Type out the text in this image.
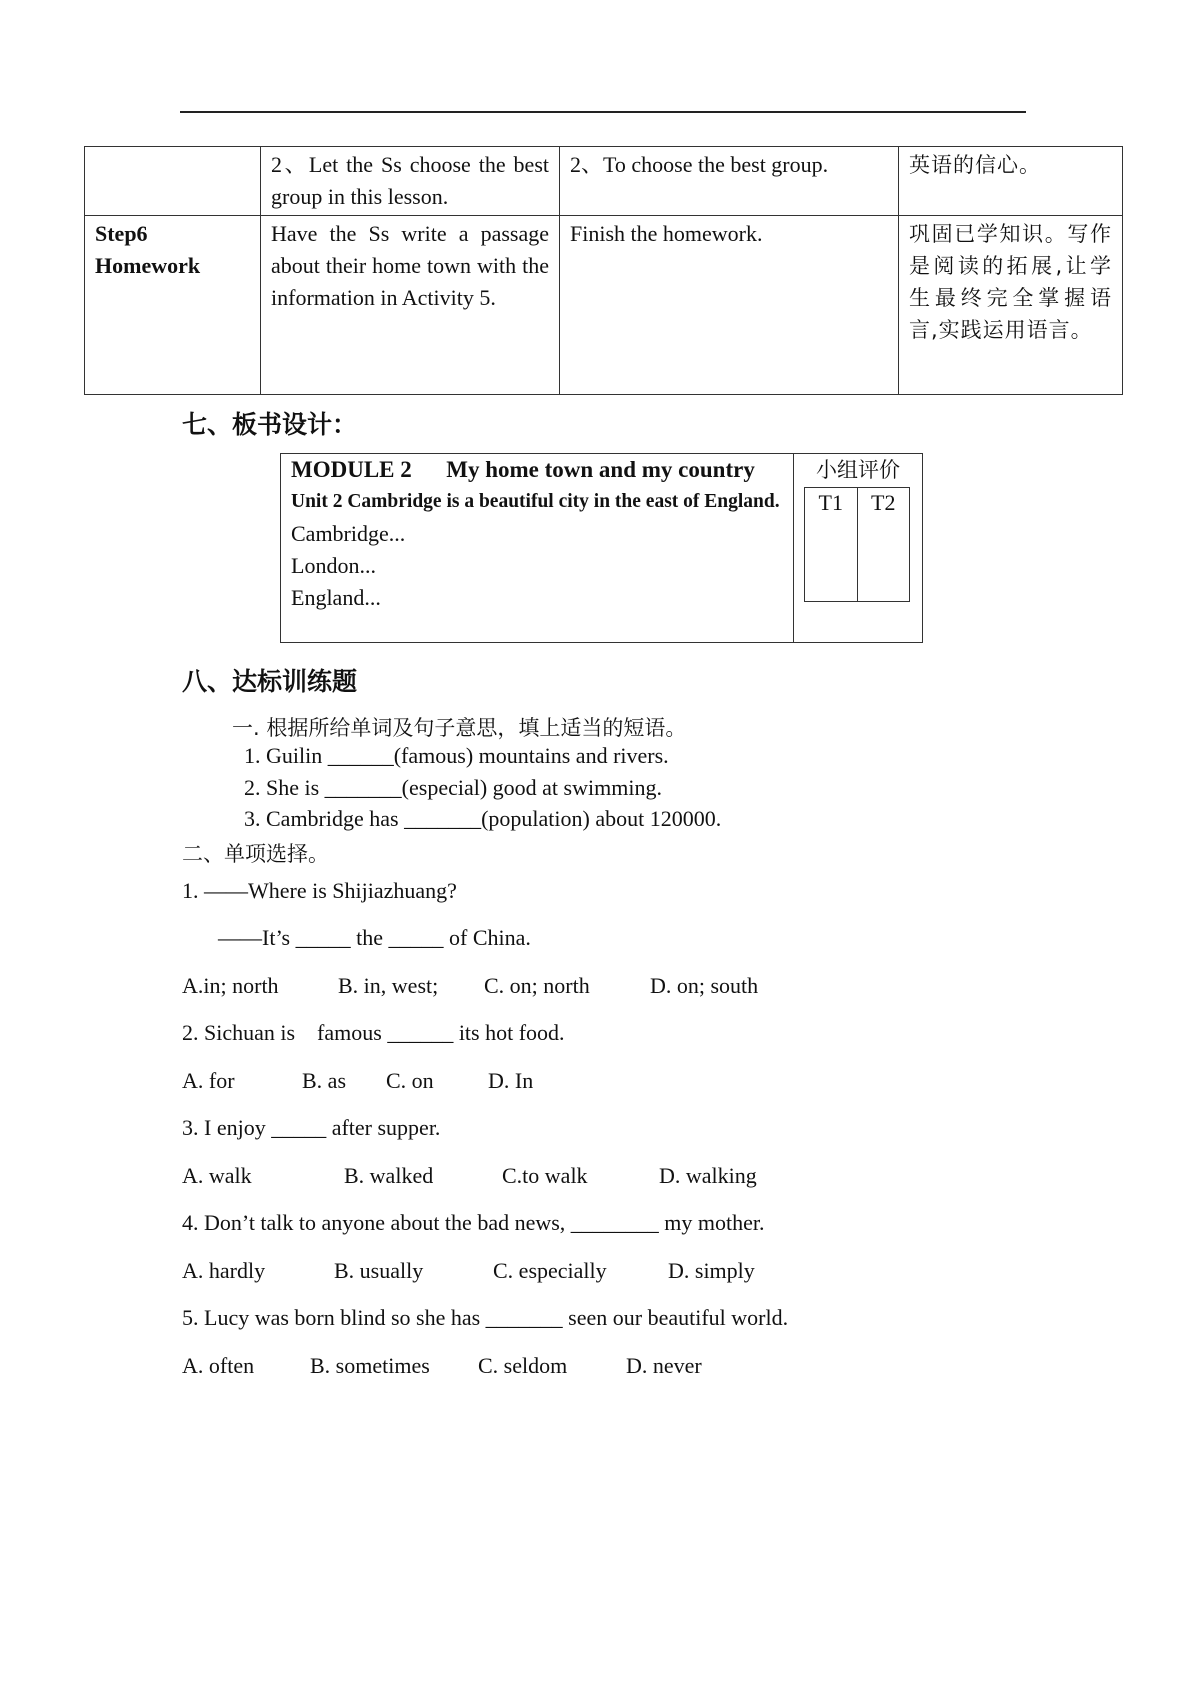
	2、Let the Ss choose the best group in this lesson.	2、To choose the best group.	英语的信心。

Step6
Homework	Have the Ss write a passage about their home town with the information in Activity 5.	Finish the homework.	巩固已学知识。写作是阅读的拓展,让学生最终完全掌握语言,实践运用语言。
七、板书设计：
MODULE 2      My home town and my country
Unit 2 Cambridge is a beautiful city in the east of England.
Cambridge...
London...
England...
小组评价
T1	T2
八、达标训练题
一. 根据所给单词及句子意思，填上适当的短语。
1. Guilin ______(famous) mountains and rivers.
2. She is _______(especial) good at swimming.
3. Cambridge has _______(population) about 120000.
二、单项选择。
1. ——Where is Shijiazhuang?
——It’s _____ the _____ of China.
A.in; north	B. in, west; C. on; north	D. on; south
2. Sichuan is    famous ______ its hot food.
A. for	B. as C. on D. In
3. I enjoy _____ after supper.
A. walk	B. walked	C.to walk	D. walking
4. Don’t talk to anyone about the bad news, ________ my mother.
A. hardly	B. usually	C. especially	D. simply
5. Lucy was born blind so she has _______ seen our beautiful world.
A. often	B. sometimes C. seldom	D. never
